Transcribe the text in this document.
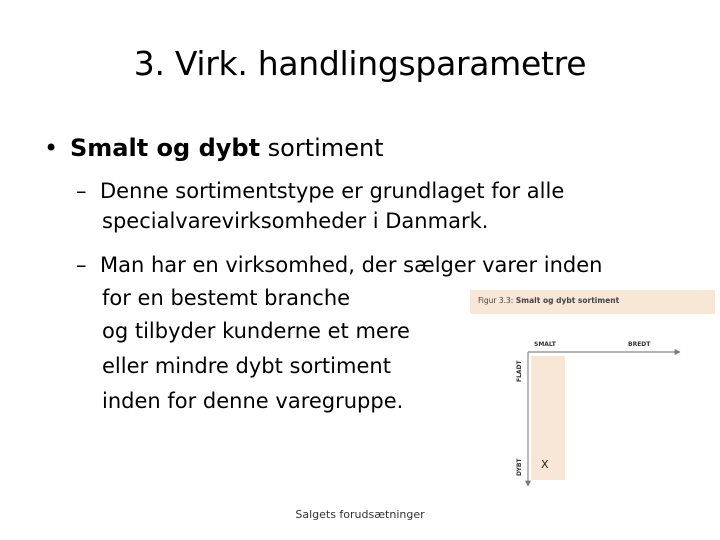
3. Virk. handlingsparametre
• Smalt og dybt sortiment
– Denne sortimentstype er grundlaget for alle
specialvarevirksomheder i Danmark.
– Man har en virksomhed, der sælger varer inden
for en bestemt branche
og tilbyder kunderne et mere
eller mindre dybt sortiment
inden for denne varegruppe.
Figur 3.3: Smalt og dybt sortiment
SMALT	BREDT
FLADT
DYBT X
Salgets forudsætninger
